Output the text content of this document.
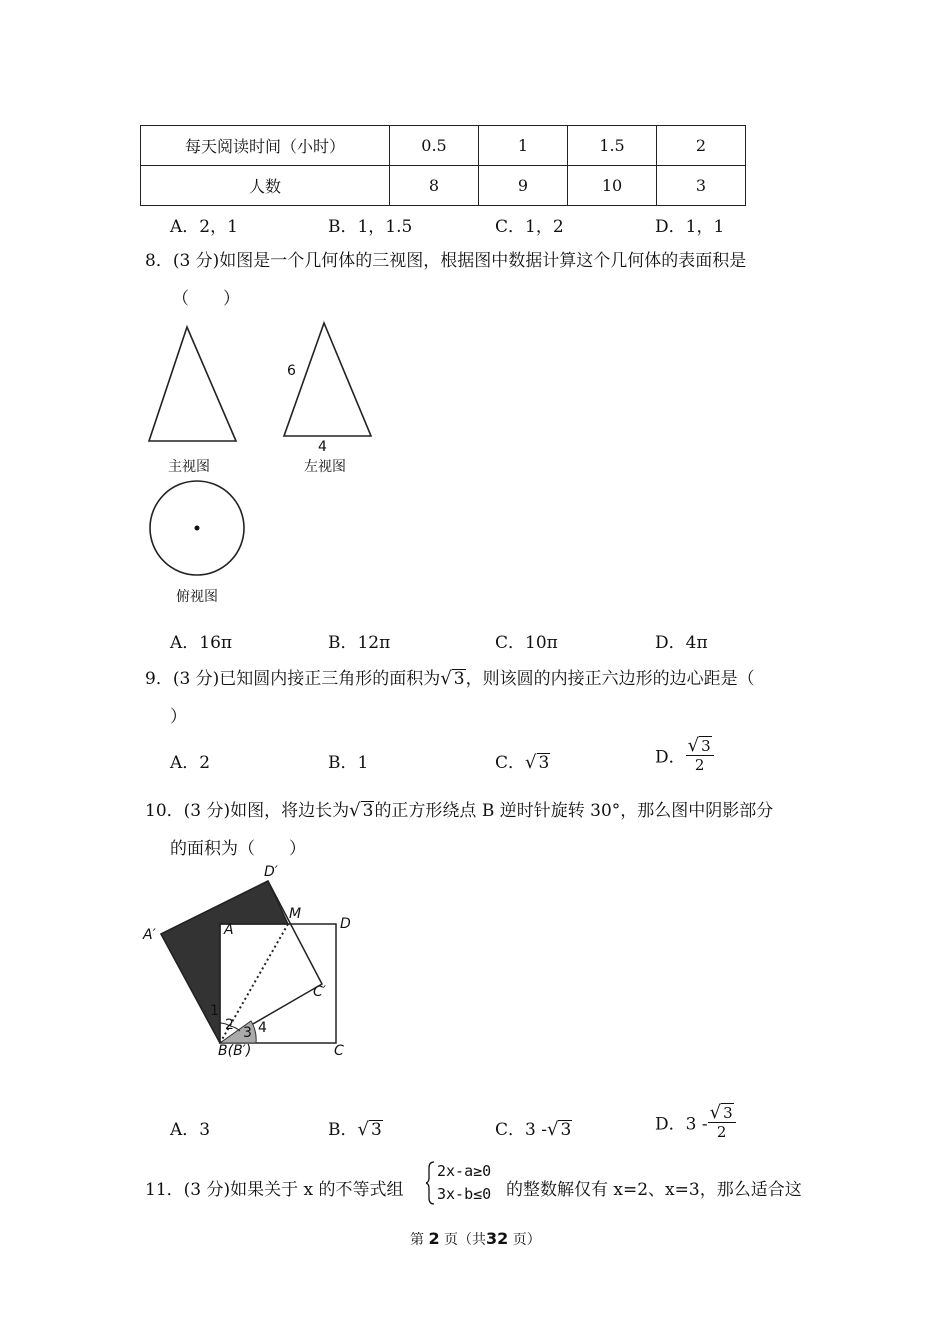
每天阅读时间（小时）	0.5	1	1.5	2
人数	8	9	10	3
A．2，1	B．1，1.5	C．1，2	D．1，1
8．(3 分)如图是一个几何体的三视图，根据图中数据计算这个几何体的表面积是
（　　）
6
4
主视图	左视图
俯视图
A．16π	B．12π	C．10π	D．4π
9．(3 分)已知圆内接正三角形的面积为√ 3，则该圆的内接正六边形的边心距是（
）
A．2	B．1	C．√ 3	D． $\frac{√ 3}{2}$
10．(3 分)如图，将边长为√ 3的正方形绕点 B 逆时针旋转 30°，那么图中阴影部分
的面积为（　　）
D′
M
D
A′	A
C′
C
B(B′)
1
2 3 4
A．3	B．√ 3	C．3 -√ 3	D．$3 - \frac{√ 3}{2}$
11．(3 分)如果关于 x 的不等式组
2x-a≥0
3x-b≤0 的整数解仅有 x=2、x=3，那么适合这
第 2 页（共32 页）
